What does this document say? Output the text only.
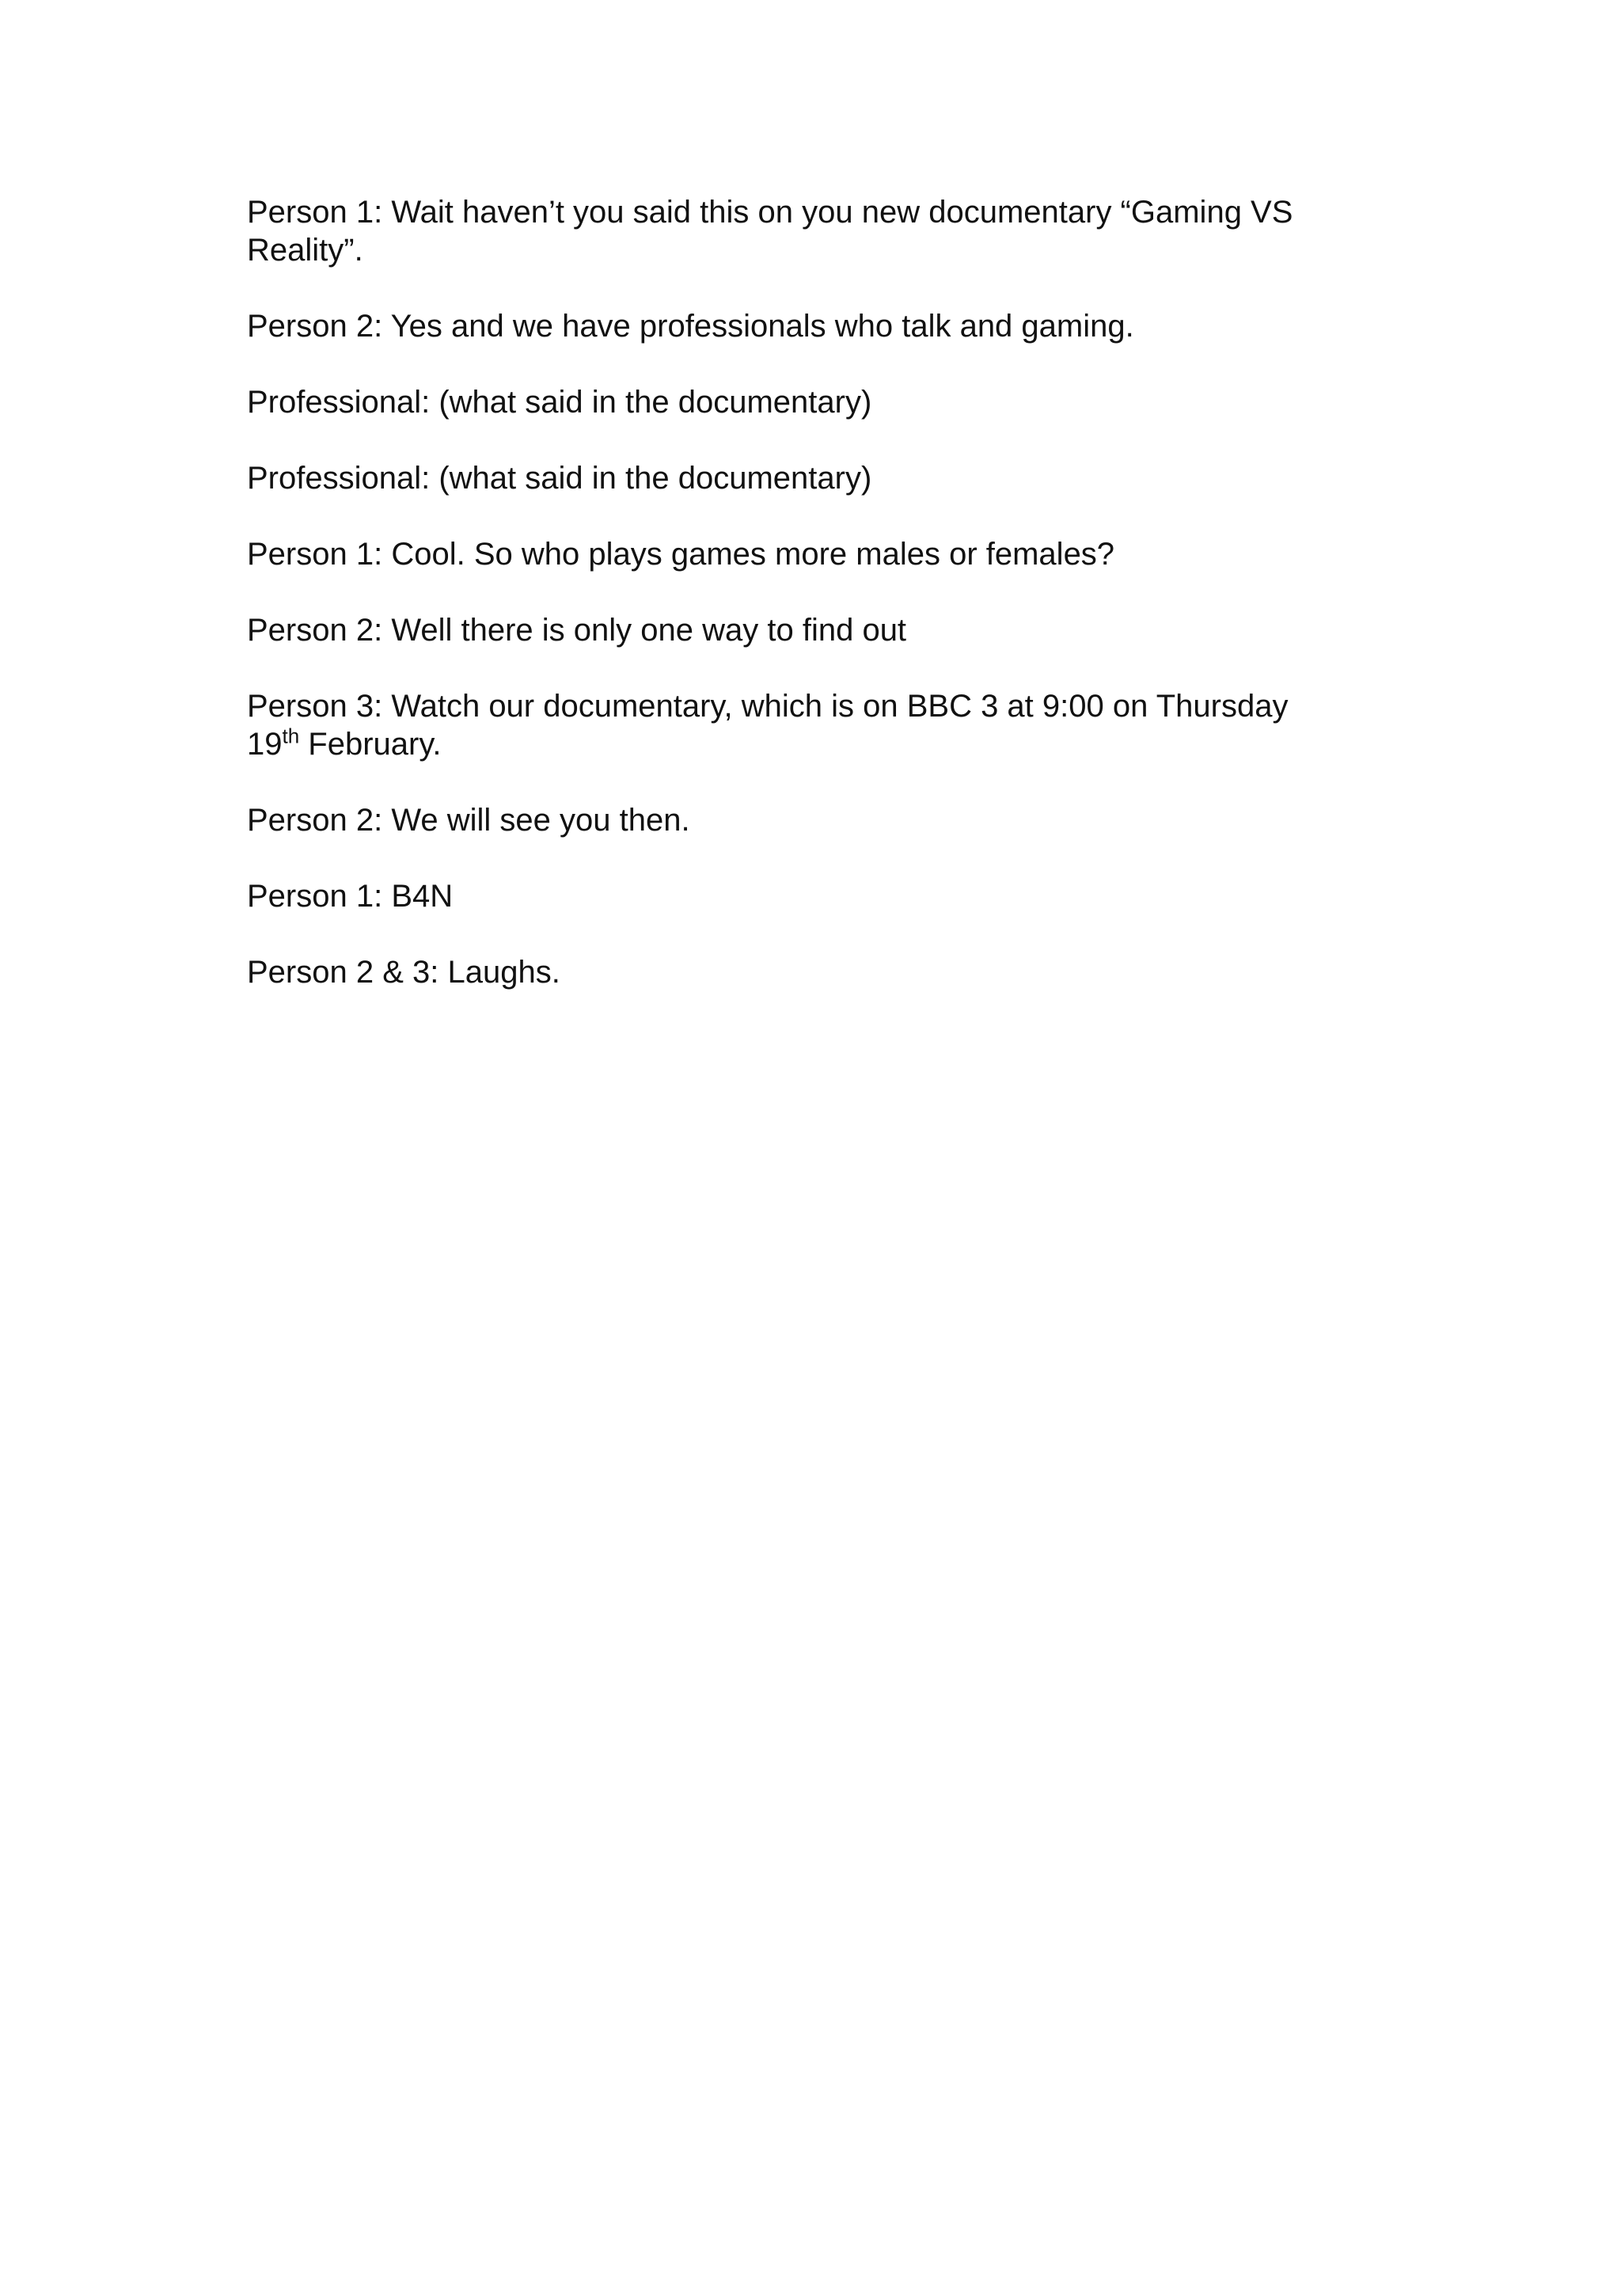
Person 1: Wait haven’t you said this on you new documentary “Gaming VS Reality”.

Person 2: Yes and we have professionals who talk and gaming.

Professional: (what said in the documentary)

Professional: (what said in the documentary)

Person 1: Cool. So who plays games more males or females?

Person 2: Well there is only one way to find out

Person 3: Watch our documentary, which is on BBC 3 at 9:00 on Thursday 19th February.

Person 2: We will see you then.

Person 1: B4N

Person 2 & 3: Laughs.
